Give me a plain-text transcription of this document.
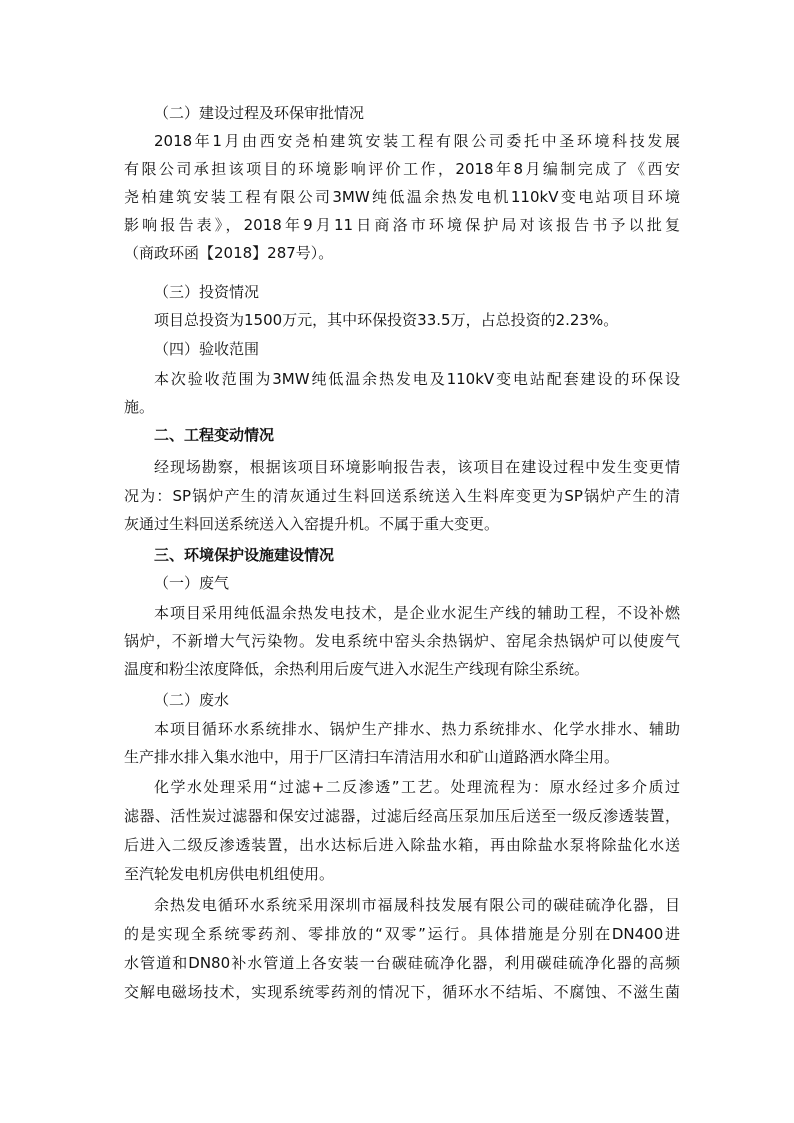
（二）建设过程及环保审批情况
2018年1月由西安尧柏建筑安装工程有限公司委托中圣环境科技发展
有限公司承担该项目的环境影响评价工作，2018年8月编制完成了《西安
尧柏建筑安装工程有限公司3MW纯低温余热发电机110kV变电站项目环境
影响报告表》，2018年9月11日商洛市环境保护局对该报告书予以批复
（商政环函【2018】287号）。
（三）投资情况
项目总投资为1500万元，其中环保投资33.5万，占总投资的2.23%。
（四）验收范围
本次验收范围为3MW纯低温余热发电及110kV变电站配套建设的环保设
施。
二、工程变动情况
经现场勘察，根据该项目环境影响报告表，该项目在建设过程中发生变更情
况为：SP锅炉产生的清灰通过生料回送系统送入生料库变更为SP锅炉产生的清
灰通过生料回送系统送入入窑提升机。不属于重大变更。
三、环境保护设施建设情况
（一）废气
本项目采用纯低温余热发电技术，是企业水泥生产线的辅助工程，不设补燃
锅炉，不新增大气污染物。发电系统中窑头余热锅炉、窑尾余热锅炉可以使废气
温度和粉尘浓度降低，余热利用后废气进入水泥生产线现有除尘系统。
（二）废水
本项目循环水系统排水、锅炉生产排水、热力系统排水、化学水排水、辅助
生产排水排入集水池中，用于厂区清扫车清洁用水和矿山道路洒水降尘用。
化学水处理采用“过滤+二反渗透”工艺。处理流程为：原水经过多介质过
滤器、活性炭过滤器和保安过滤器，过滤后经高压泵加压后送至一级反渗透装置，
后进入二级反渗透装置，出水达标后进入除盐水箱，再由除盐水泵将除盐化水送
至汽轮发电机房供电机组使用。
余热发电循环水系统采用深圳市福晟科技发展有限公司的碳硅硫净化器，目
的是实现全系统零药剂、零排放的“双零”运行。具体措施是分别在DN400进
水管道和DN80补水管道上各安装一台碳硅硫净化器，利用碳硅硫净化器的高频
交解电磁场技术，实现系统零药剂的情况下，循环水不结垢、不腐蚀、不滋生菌
